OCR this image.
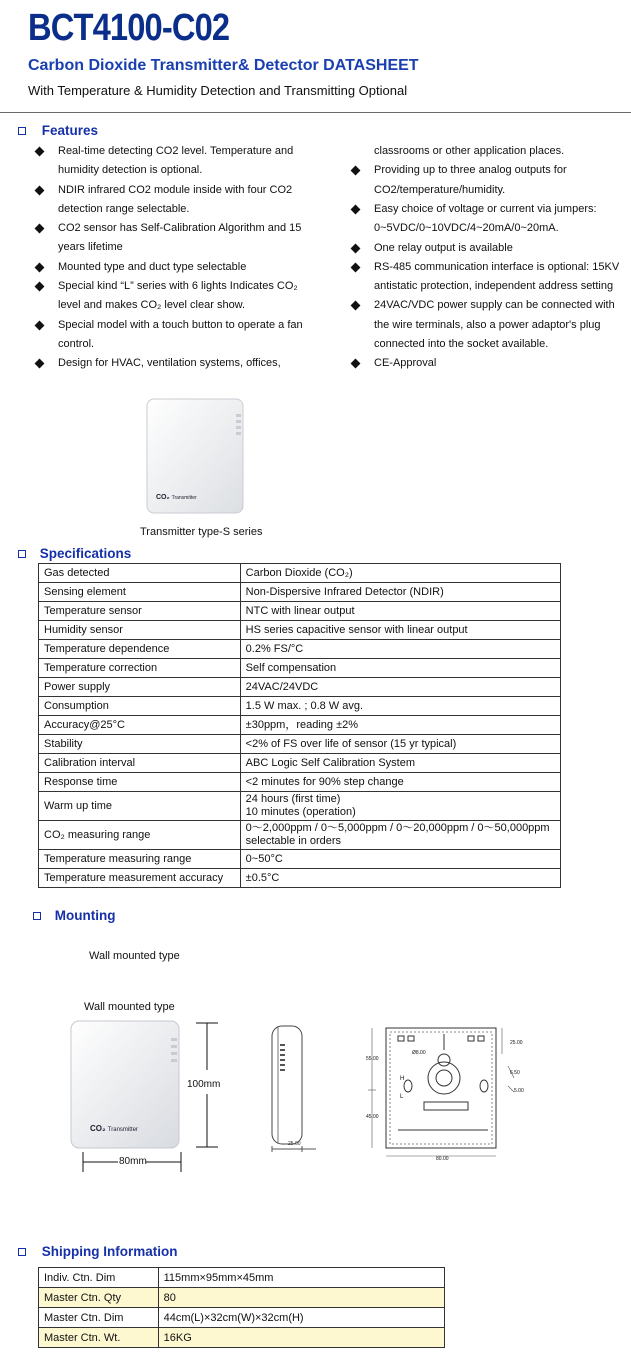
BCT4100-C02
Carbon Dioxide Transmitter& Detector DATASHEET
With Temperature & Humidity Detection and Transmitting Optional
Features
Real-time detecting CO2 level. Temperature and
humidity detection is optional.
NDIR infrared CO2 module inside with four CO2
detection range selectable.
CO2 sensor has Self-Calibration Algorithm and 15
years lifetime
Mounted type and duct type selectable
Special kind “L” series with 6 lights Indicates CO₂
level and makes CO₂ level clear show.
Special model with a touch button to operate a fan
control.
Design for HVAC, ventilation systems, offices,
classrooms or other application places.
Providing up to three analog outputs for
CO2/temperature/humidity.
Easy choice of voltage or current via jumpers:
0~5VDC/0~10VDC/4~20mA/0~20mA.
One relay output is available
RS-485 communication interface is optional: 15KV
antistatic protection, independent address setting
24VAC/VDC power supply can be connected with
the wire terminals, also a power adaptor's plug
connected into the socket available.
CE-Approval
CO₂ Transmitter
Transmitter type-S series
Specifications
Gas detected	Carbon Dioxide (CO₂)
Sensing element	Non-Dispersive Infrared Detector (NDIR)
Temperature sensor	NTC with linear output
Humidity sensor	HS series capacitive sensor with linear output
Temperature dependence	0.2% FS/°C
Temperature correction	Self compensation
Power supply	24VAC/24VDC
Consumption	1.5 W max. ; 0.8 W avg.
Accuracy@25°C	±30ppm，reading ±2%
Stability	<2% of FS over life of sensor (15 yr typical)
Calibration interval	ABC Logic Self Calibration System
Response time	<2 minutes for 90% step change
Warm up time	24 hours (first time)
10 minutes (operation)
CO₂ measuring range	0～2,000ppm / 0～5,000ppm / 0～20,000ppm / 0～50,000ppm
selectable in orders
Temperature measuring range	0~50°C
Temperature measurement accuracy	±0.5°C
Mounting
Wall mounted type
Wall mounted type
CO₂ Transmitter
100mm
80mm
25.00
25.00
55.00
45.00
80.00
6.50
5.00
Ø8.00
H
L
Shipping Information
Indiv. Ctn. Dim	115mm×95mm×45mm
Master Ctn. Qty	80
Master Ctn. Dim	44cm(L)×32cm(W)×32cm(H)
Master Ctn. Wt.	16KG
